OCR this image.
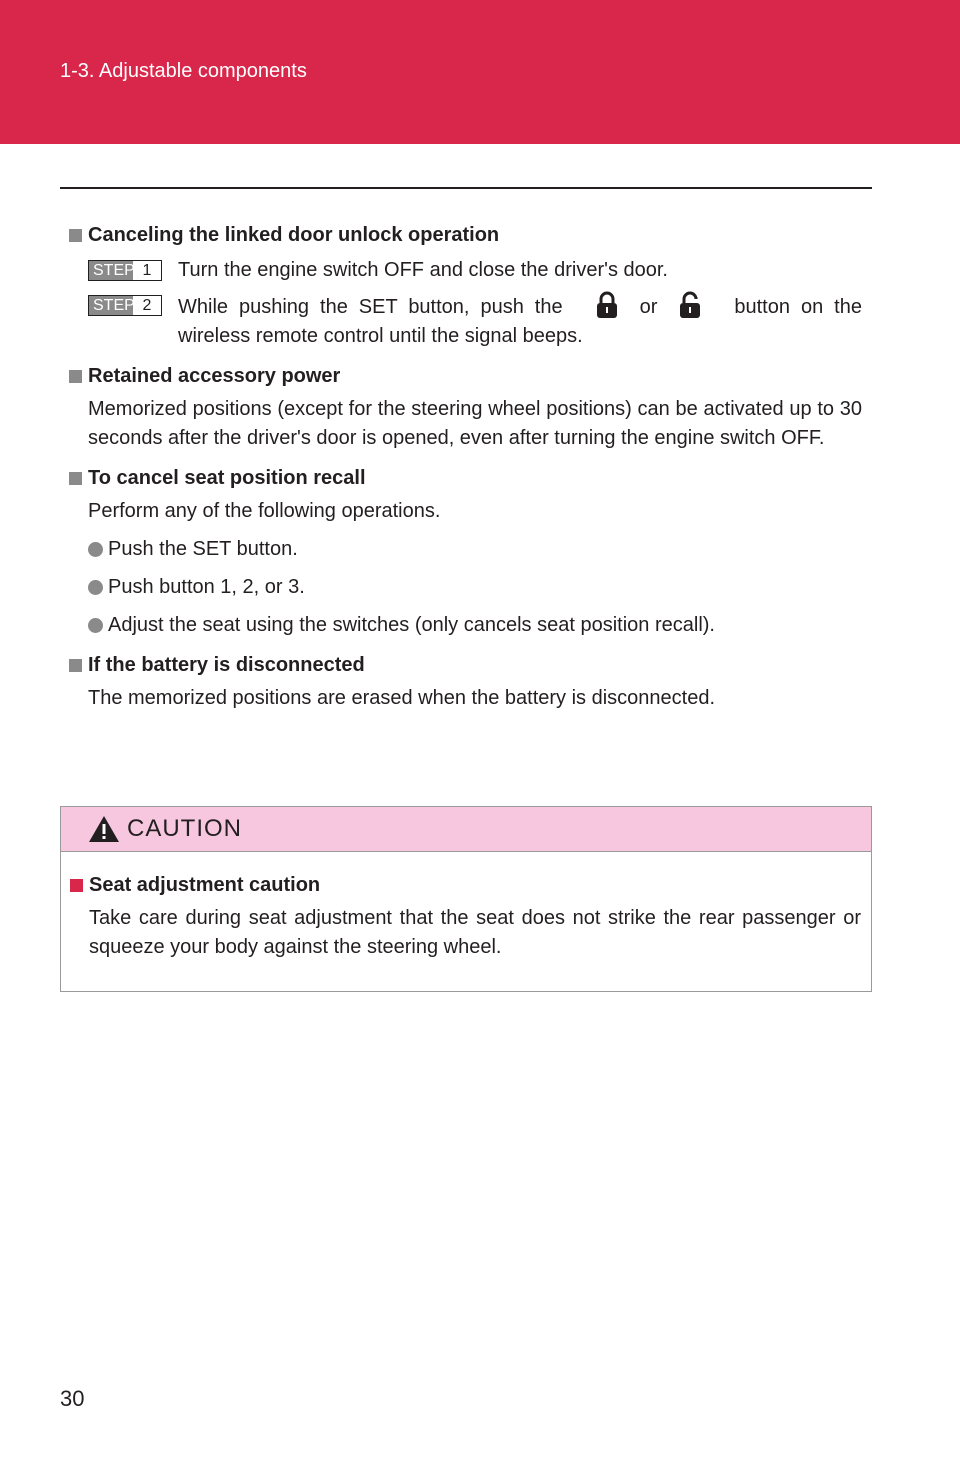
1-3. Adjustable components
Canceling the linked door unlock operation
STEP 1	Turn the engine switch OFF and close the driver's door.
STEP 2	While pushing the SET button, push the	or	button on the wireless remote control until the signal beeps.
Retained accessory power
Memorized positions (except for the steering wheel positions) can be activated up to 30 seconds after the driver's door is opened, even after turning the engine switch OFF.
To cancel seat position recall
Perform any of the following operations.
Push the SET button.
Push button 1, 2, or 3.
Adjust the seat using the switches (only cancels seat position recall).
If the battery is disconnected
The memorized positions are erased when the battery is disconnected.
CAUTION
Seat adjustment caution
Take care during seat adjustment that the seat does not strike the rear passenger or squeeze your body against the steering wheel.
30
